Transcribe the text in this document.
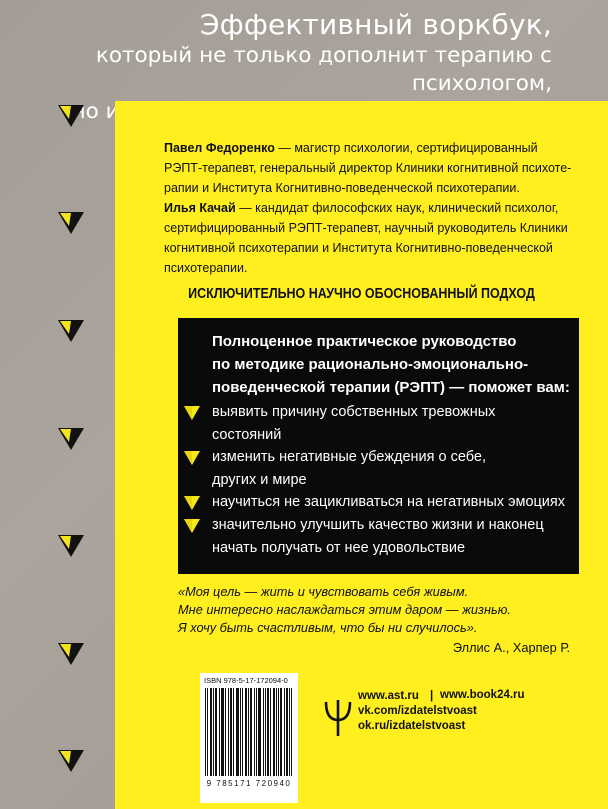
Эффективный воркбук,
который не только дополнит терапию с психологом,
но и
Павел Федоренко — магистр психологии, сертифицированный
РЭПТ-терапевт, генеральный директор Клиники когнитивной психоте-
рапии и Института Когнитивно-поведенческой психотерапии.
Илья Качай — кандидат философских наук, клинический психолог,
сертифицированный РЭПТ-терапевт, научный руководитель Клиники
когнитивной психотерапии и Института Когнитивно-поведенческой
психотерапии.
ИСКЛЮЧИТЕЛЬНО НАУЧНО ОБОСНОВАННЫЙ ПОДХОД
Полноценное практическое руководство
по методике рационально-эмоционально-
поведенческой терапии (РЭПТ) — поможет вам:
выявить причину собственных тревожных
состояний
изменить негативные убеждения о себе,
других и мире
научиться не зацикливаться на негативных эмоциях
значительно улучшить качество жизни и наконец
начать получать от нее удовольствие
«Моя цель — жить и чувствовать себя живым.
Мне интересно наслаждаться этим даром — жизнью.
Я хочу быть счастливым, что бы ни случилось».
Эллис А., Харпер Р.
ISBN 978-5-17-172094-0
9 785171 720940
www.ast.ru
vk.com/izdatelstvoast
ok.ru/izdatelstvoast
| www.book24.ru
